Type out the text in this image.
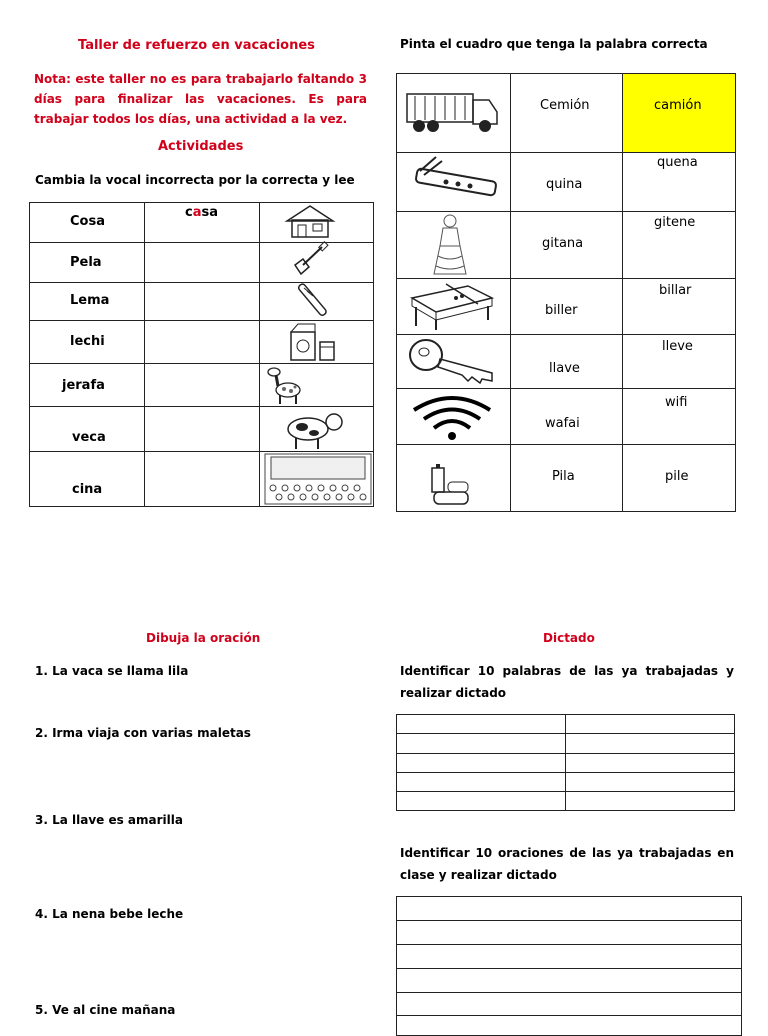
Taller de refuerzo en vacaciones
Nota: este taller no es para trabajarlo faltando 3 días para finalizar las vacaciones. Es para trabajar todos los días, una actividad a la vez.
Actividades
Cambia la vocal incorrecta por la correcta y lee
Cosa
Pela
Lema
lechi
jerafa
veca
cina
casa
Pinta el cuadro que tenga la palabra correcta
Cemión
quina
gitana
biller
llave
wafai
Pila
camión
quena
gitene
billar
lleve
wifi
pile
Dibuja la oración
1. La vaca se llama lila
2. Irma viaja con varias maletas
3. La llave es amarilla
4. La nena bebe leche
5. Ve al cine mañana
Dictado
Identificar 10 palabras de las ya trabajadas y realizar dictado
Identificar 10 oraciones de las ya trabajadas en clase y realizar dictado
